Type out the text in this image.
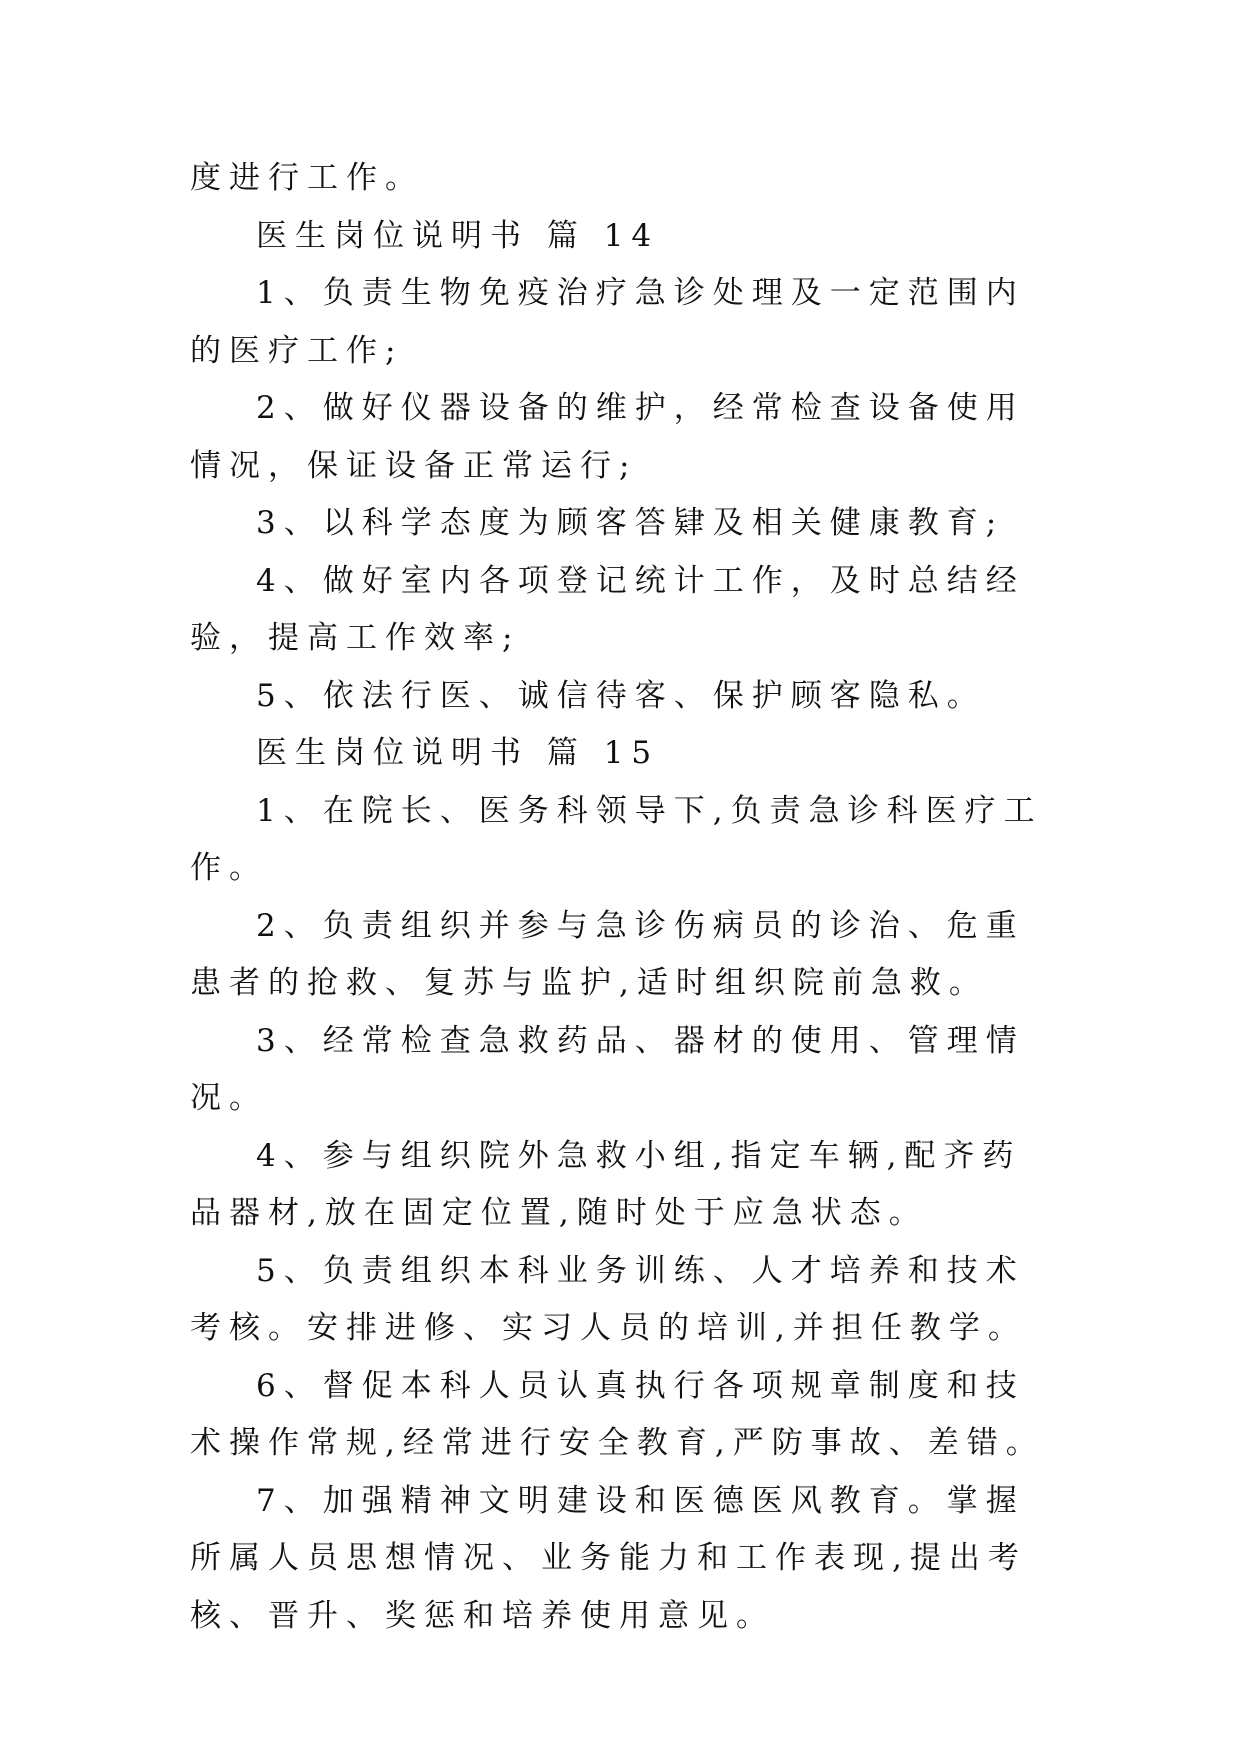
度进行工作。

医生岗位说明书 篇 14

1、负责生物免疫治疗急诊处理及一定范围内的医疗工作;

2、做好仪器设备的维护，经常检查设备使用情况，保证设备正常运行;

3、以科学态度为顾客答肄及相关健康教育;

4、做好室内各项登记统计工作，及时总结经验，提高工作效率;

5、依法行医、诚信待客、保护顾客隐私。

医生岗位说明书 篇 15

1、在院长、医务科领导下,负责急诊科医疗工作。

2、负责组织并参与急诊伤病员的诊治、危重患者的抢救、复苏与监护,适时组织院前急救。

3、经常检查急救药品、器材的使用、管理情况。

4、参与组织院外急救小组,指定车辆,配齐药品器材,放在固定位置,随时处于应急状态。

5、负责组织本科业务训练、人才培养和技术考核。安排进修、实习人员的培训,并担任教学。

6、督促本科人员认真执行各项规章制度和技术操作常规,经常进行安全教育,严防事故、差错。

7、加强精神文明建设和医德医风教育。掌握所属人员思想情况、业务能力和工作表现,提出考核、晋升、奖惩和培养使用意见。
